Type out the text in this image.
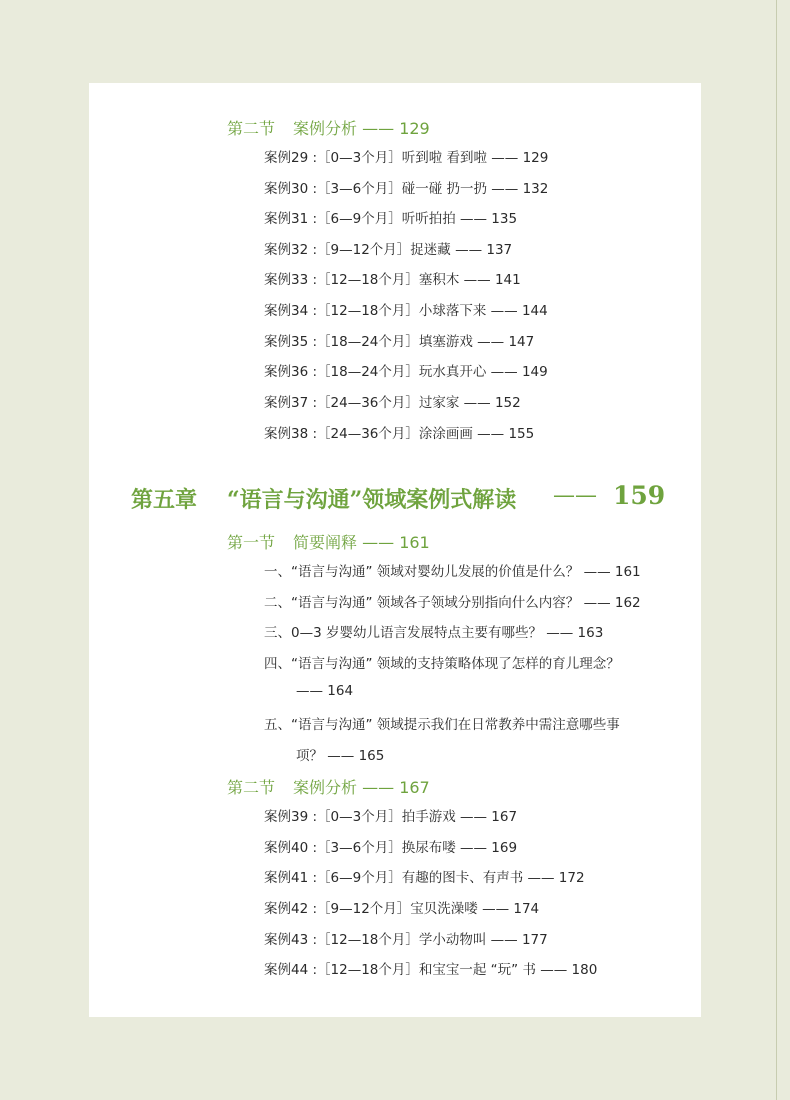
第二节 案例分析 —— 129
案例29 :［0—3个月］听到啦 看到啦 —— 129
案例30 :［3—6个月］碰一碰 扔一扔 —— 132
案例31 :［6—9个月］听听拍拍 —— 135
案例32 :［9—12个月］捉迷藏 —— 137
案例33 :［12—18个月］塞积木 —— 141
案例34 :［12—18个月］小球落下来 —— 144
案例35 :［18—24个月］填塞游戏 —— 147
案例36 :［18—24个月］玩水真开心 —— 149
案例37 :［24—36个月］过家家 —— 152
案例38 :［24—36个月］涂涂画画 —— 155
第五章 “语言与沟通”领域案例式解读 —— 159
第一节 简要阐释 —— 161
一、“语言与沟通” 领域对婴幼儿发展的价值是什么？ —— 161
二、“语言与沟通” 领域各子领域分别指向什么内容？ —— 162
三、0—3 岁婴幼儿语言发展特点主要有哪些？ —— 163
四、“语言与沟通” 领域的支持策略体现了怎样的育儿理念？
—— 164
五、“语言与沟通” 领域提示我们在日常教养中需注意哪些事
项？ —— 165
第二节 案例分析 —— 167
案例39 :［0—3个月］拍手游戏 —— 167
案例40 :［3—6个月］换尿布喽 —— 169
案例41 :［6—9个月］有趣的图卡、有声书 —— 172
案例42 :［9—12个月］宝贝洗澡喽 —— 174
案例43 :［12—18个月］学小动物叫 —— 177
案例44 :［12—18个月］和宝宝一起 “玩” 书 —— 180
